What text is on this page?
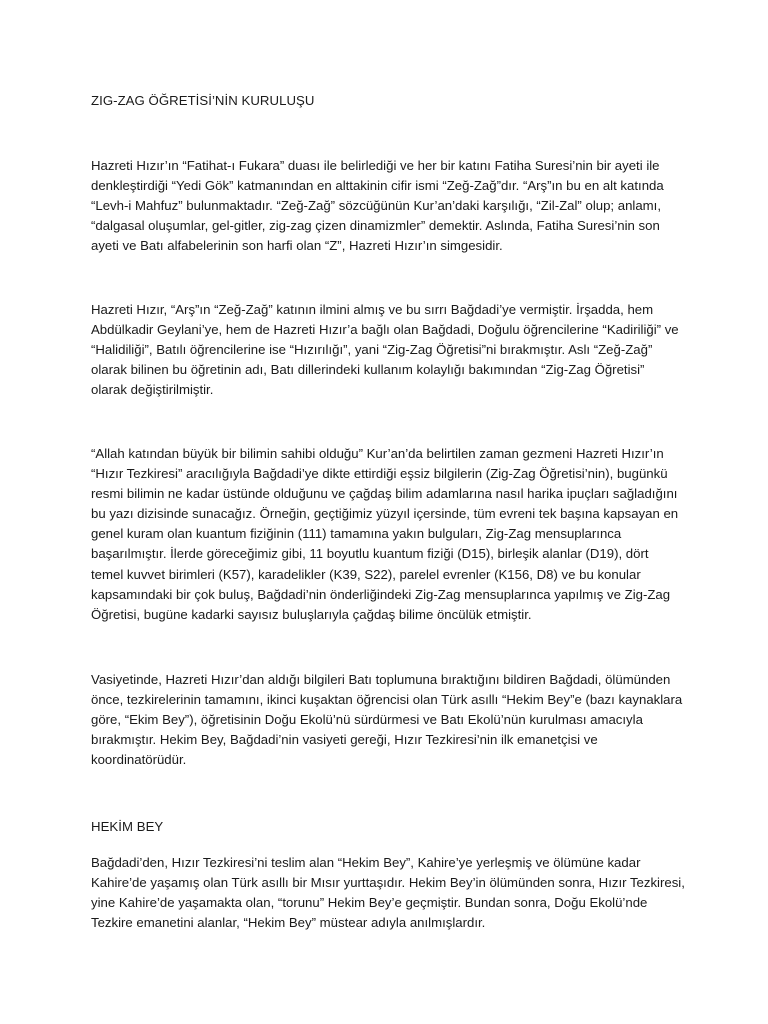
ZIG-ZAG ÖĞRETİSİ’NİN KURULUŞU
Hazreti Hızır’ın “Fatihat-ı Fukara” duası ile belirlediği ve her bir katını Fatiha Suresi’nin bir ayeti ile
denkleştirdiği “Yedi Gök” katmanından en alttakinin cifir ismi “Zeğ-Zağ”dır. “Arş”ın bu en alt katında
“Levh-i Mahfuz” bulunmaktadır. “Zeğ-Zağ” sözcüğünün Kur’an’daki karşılığı, “Zil-Zal” olup; anlamı,
“dalgasal oluşumlar, gel-gitler, zig-zag çizen dinamizmler” demektir. Aslında, Fatiha Suresi’nin son
ayeti ve Batı alfabelerinin son harfi olan “Z”, Hazreti Hızır’ın simgesidir.
Hazreti Hızır, “Arş”ın “Zeğ-Zağ” katının ilmini almış ve bu sırrı Bağdadi’ye vermiştir. İrşadda, hem
Abdülkadir Geylani’ye, hem de Hazreti Hızır’a bağlı olan Bağdadi, Doğulu öğrencilerine “Kadiriliği” ve
“Halidiliği”, Batılı öğrencilerine ise “Hızırılığı”, yani “Zig-Zag Öğretisi”ni bırakmıştır. Aslı “Zeğ-Zağ”
olarak bilinen bu öğretinin adı, Batı dillerindeki kullanım kolaylığı bakımından “Zig-Zag Öğretisi”
olarak değiştirilmiştir.
“Allah katından büyük bir bilimin sahibi olduğu” Kur’an’da belirtilen zaman gezmeni Hazreti Hızır’ın
“Hızır Tezkiresi” aracılığıyla Bağdadi’ye dikte ettirdiği eşsiz bilgilerin (Zig-Zag Öğretisi’nin), bugünkü
resmi bilimin ne kadar üstünde olduğunu ve çağdaş bilim adamlarına nasıl harika ipuçları sağladığını
bu yazı dizisinde sunacağız. Örneğin, geçtiğimiz yüzyıl içersinde, tüm evreni tek başına kapsayan en
genel kuram olan kuantum fiziğinin (111) tamamına yakın bulguları, Zig-Zag mensuplarınca
başarılmıştır. İlerde göreceğimiz gibi, 11 boyutlu kuantum fiziği (D15), birleşik alanlar (D19), dört
temel kuvvet birimleri (K57), karadelikler (K39, S22), parelel evrenler (K156, D8) ve bu konular
kapsamındaki bir çok buluş, Bağdadi’nin önderliğindeki Zig-Zag mensuplarınca yapılmış ve Zig-Zag
Öğretisi, bugüne kadarki sayısız buluşlarıyla çağdaş bilime öncülük etmiştir.
Vasiyetinde, Hazreti Hızır’dan aldığı bilgileri Batı toplumuna bıraktığını bildiren Bağdadi, ölümünden
önce, tezkirelerinin tamamını, ikinci kuşaktan öğrencisi olan Türk asıllı “Hekim Bey”e (bazı kaynaklara
göre, “Ekim Bey”), öğretisinin Doğu Ekolü’nü sürdürmesi ve Batı Ekolü’nün kurulması amacıyla
bırakmıştır. Hekim Bey, Bağdadi’nin vasiyeti gereği, Hızır Tezkiresi’nin ilk emanetçisi ve
koordinatörüdür.
HEKİM BEY
Bağdadi’den, Hızır Tezkiresi’ni teslim alan “Hekim Bey”, Kahire’ye yerleşmiş ve ölümüne kadar
Kahire’de yaşamış olan Türk asıllı bir Mısır yurttaşıdır. Hekim Bey’in ölümünden sonra, Hızır Tezkiresi,
yine Kahire’de yaşamakta olan, “torunu” Hekim Bey’e geçmiştir. Bundan sonra, Doğu Ekolü’nde
Tezkire emanetini alanlar, “Hekim Bey” müstear adıyla anılmışlardır.
